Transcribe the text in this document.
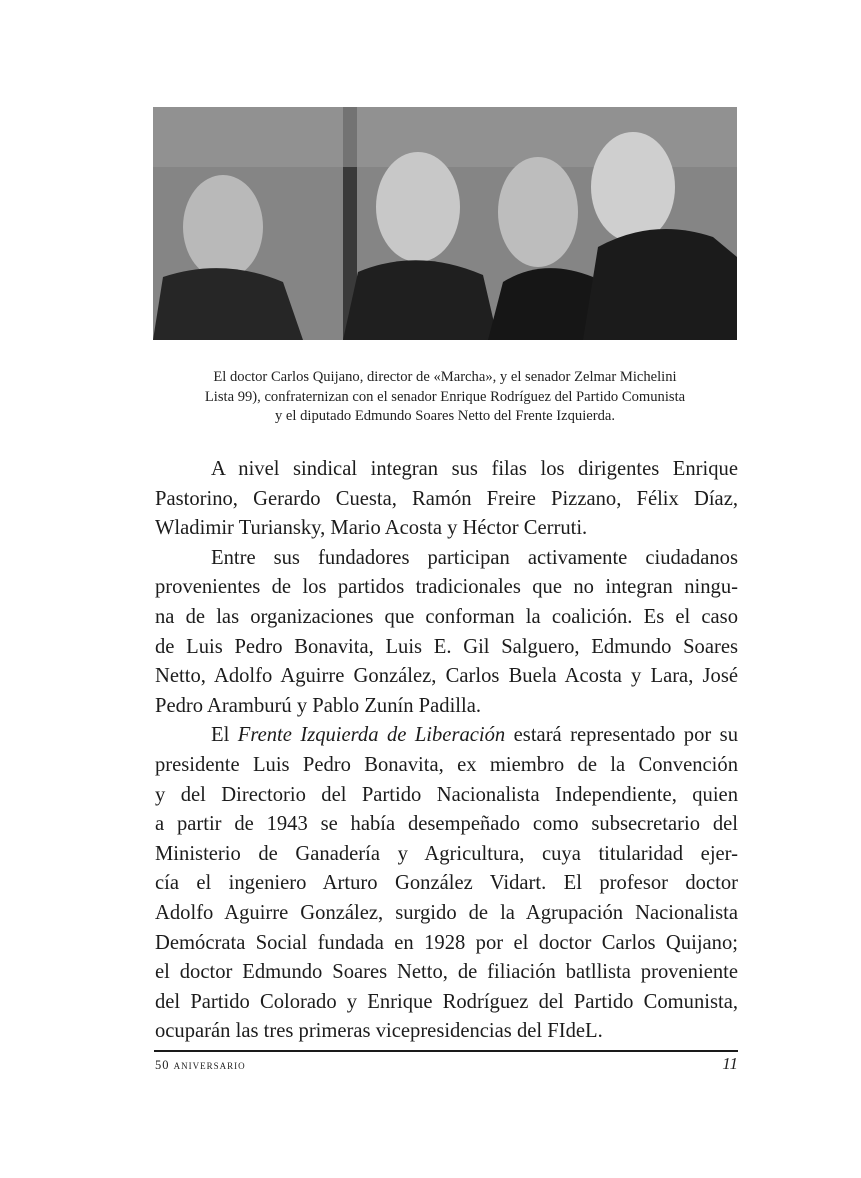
El doctor Carlos Quijano, director de «Marcha», y el senador Zelmar Michelini
Lista 99), confraternizan con el senador Enrique Rodríguez del Partido Comunista
y el diputado Edmundo Soares Netto del Frente Izquierda.
A nivel sindical integran sus filas los dirigentes Enrique
Pastorino, Gerardo Cuesta, Ramón Freire Pizzano, Félix Díaz,
Wladimir Turiansky, Mario Acosta y Héctor Cerruti.
Entre sus fundadores participan activamente ciudadanos
provenientes de los partidos tradicionales que no integran ningu-
na de las organizaciones que conforman la coalición. Es el caso
de Luis Pedro Bonavita, Luis E. Gil Salguero, Edmundo Soares
Netto, Adolfo Aguirre González, Carlos Buela Acosta y Lara, José
Pedro Aramburú y Pablo Zunín Padilla.
El Frente Izquierda de Liberación estará representado por su
presidente Luis Pedro Bonavita, ex miembro de la Convención
y del Directorio del Partido Nacionalista Independiente, quien
a partir de 1943 se había desempeñado como subsecretario del
Ministerio de Ganadería y Agricultura, cuya titularidad ejer-
cía el ingeniero Arturo González Vidart. El profesor doctor
Adolfo Aguirre González, surgido de la Agrupación Nacionalista
Demócrata Social fundada en 1928 por el doctor Carlos Quijano;
el doctor Edmundo Soares Netto, de filiación batllista proveniente
del Partido Colorado y Enrique Rodríguez del Partido Comunista,
ocuparán las tres primeras vicepresidencias del FIdeL.
50 aniversario	11
